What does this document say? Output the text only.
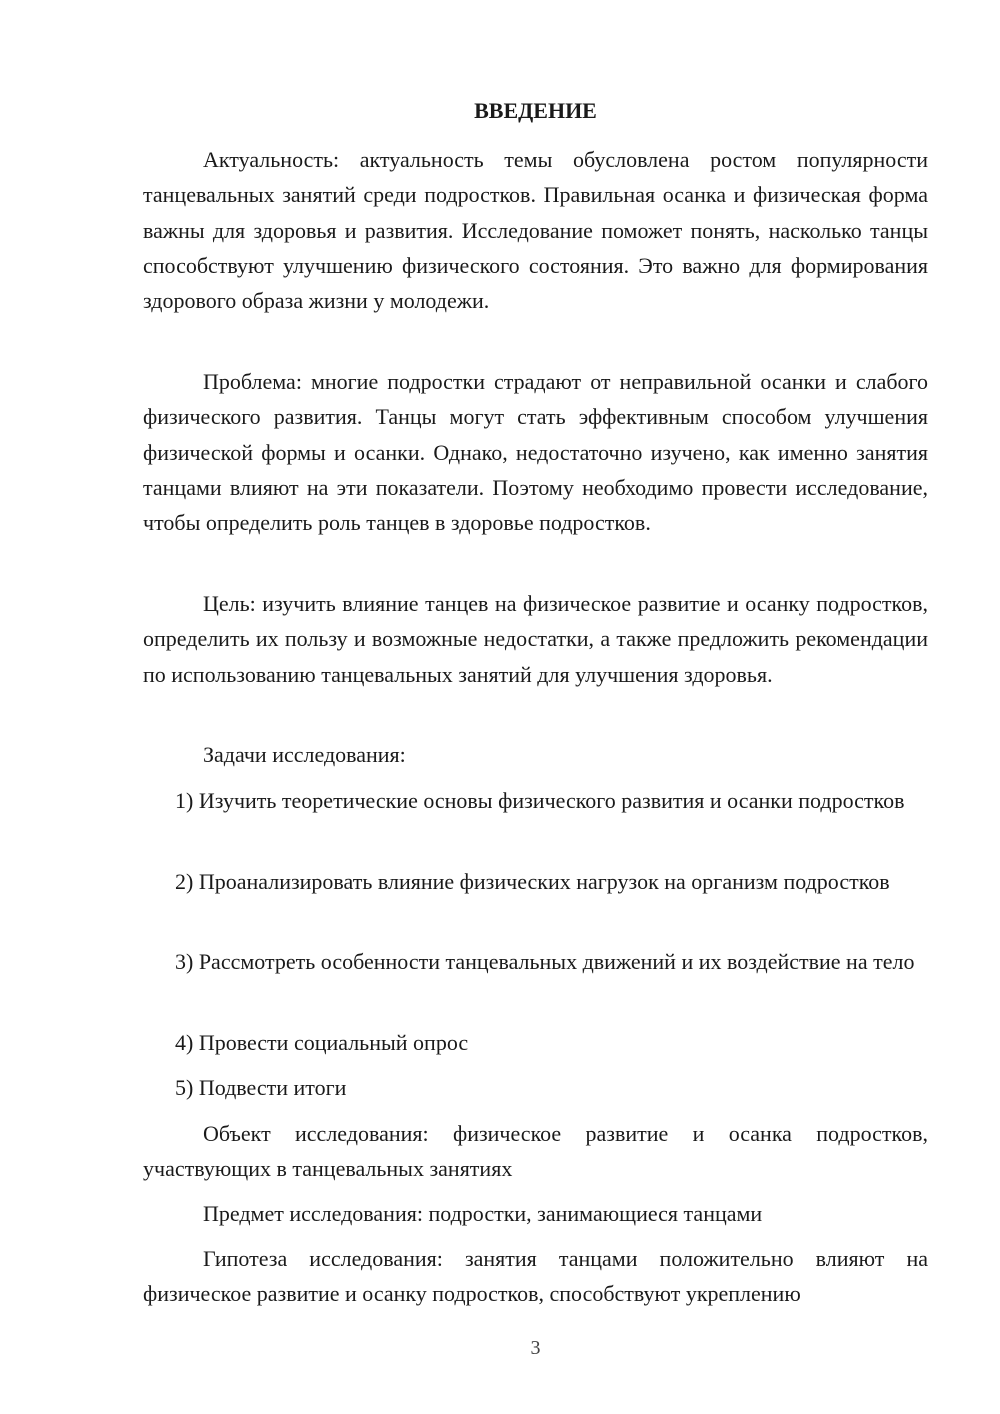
ВВЕДЕНИЕ

Актуальность: актуальность темы обусловлена ростом популярности танцевальных занятий среди подростков. Правильная осанка и физическая форма важны для здоровья и развития. Исследование поможет понять, насколько танцы способствуют улучшению физического состояния. Это важно для формирования здорового образа жизни у молодежи.

Проблема: многие подростки страдают от неправильной осанки и слабого физического развития. Танцы могут стать эффективным способом улучшения физической формы и осанки. Однако, недостаточно изучено, как именно занятия танцами влияют на эти показатели. Поэтому необходимо провести исследование, чтобы определить роль танцев в здоровье подростков.

Цель: изучить влияние танцев на физическое развитие и осанку подростков, определить их пользу и возможные недостатки, а также предложить рекомендации по использованию танцевальных занятий для улучшения здоровья.

Задачи исследования:

1) Изучить теоретические основы физического развития и осанки подростков

2) Проанализировать влияние физических нагрузок на организм подростков

3) Рассмотреть особенности танцевальных движений и их воздействие на тело

4) Провести социальный опрос

5) Подвести итоги

Объект исследования: физическое развитие и осанка подростков, участвующих в танцевальных занятиях

Предмет исследования: подростки, занимающиеся танцами

Гипотеза исследования: занятия танцами положительно влияют на физическое развитие и осанку подростков, способствуют укреплению

3
